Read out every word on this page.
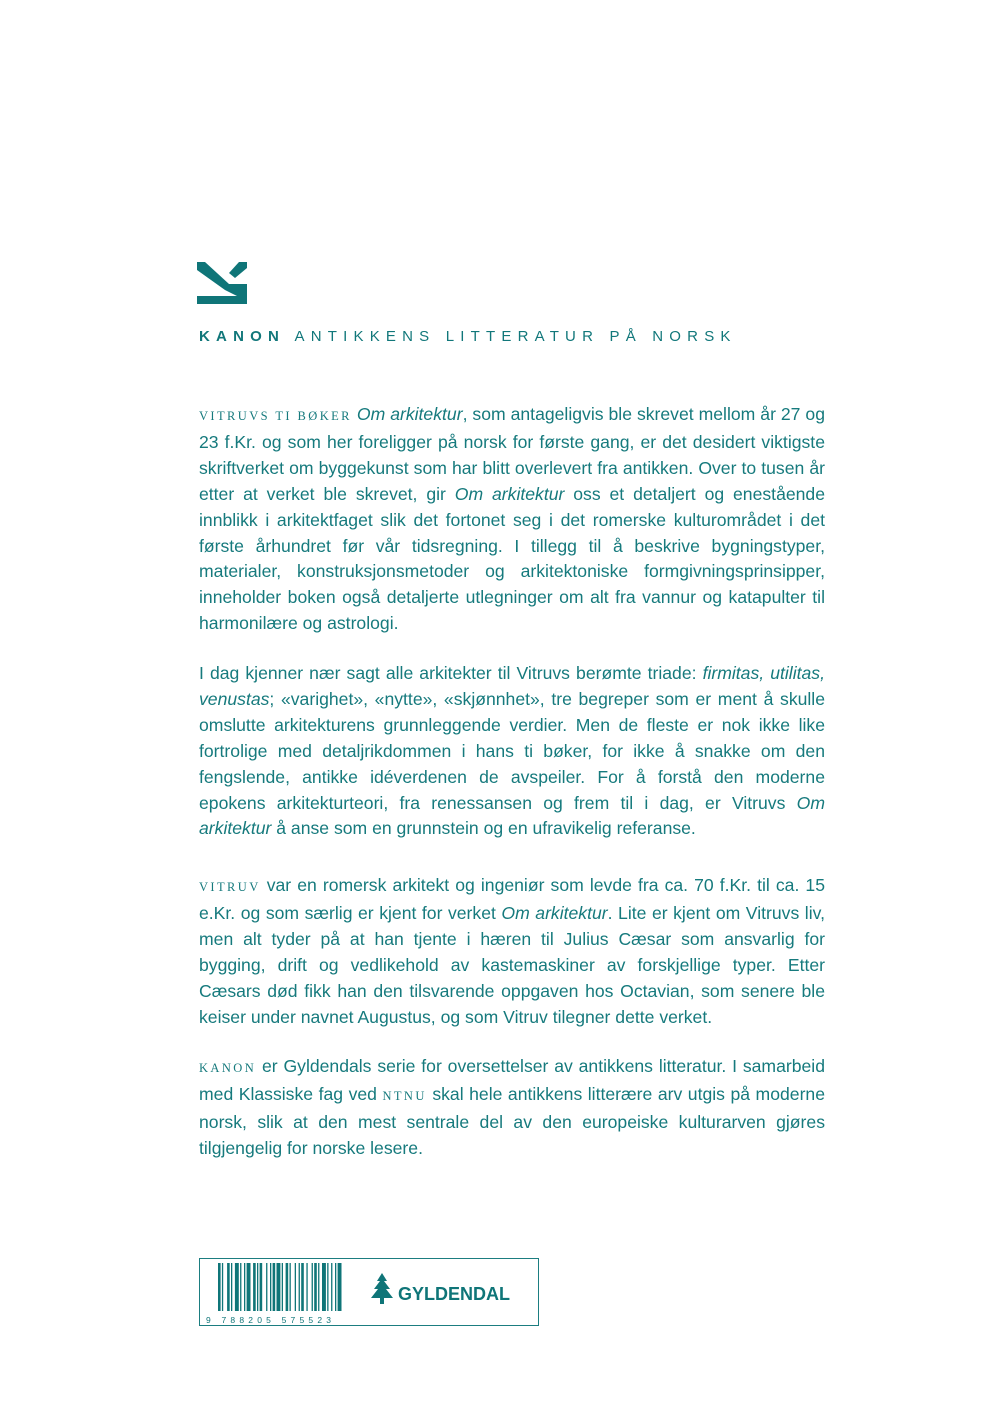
KANON ANTIKKENS LITTERATUR PÅ NORSK

VITRUVS TI BØKER Om arkitektur, som antageligvis ble skrevet mellom år 27 og 23 f.Kr. og som her foreligger på norsk for første gang, er det desidert viktigste skriftverket om byggekunst som har blitt overlevert fra antikken. Over to tusen år etter at verket ble skrevet, gir Om arkitektur oss et detaljert og enestående innblikk i arkitektfaget slik det fortonet seg i det romerske kulturområdet i det første århundret før vår tidsregning. I tillegg til å beskrive bygningstyper, materialer, konstruksjonsmetoder og arkitektoniske formgivningsprinsipper, inneholder boken også detaljerte utlegninger om alt fra vannur og katapulter til harmonilære og astrologi.

I dag kjenner nær sagt alle arkitekter til Vitruvs berømte triade: firmitas, utilitas, venustas; «varighet», «nytte», «skjønnhet», tre begreper som er ment å skulle omslutte arkitekturens grunnleggende verdier. Men de fleste er nok ikke like fortrolige med detaljrikdommen i hans ti bøker, for ikke å snakke om den fengslende, antikke idéverdenen de avspeiler. For å forstå den moderne epokens arkitekturteori, fra renessansen og frem til i dag, er Vitruvs Om arkitektur å anse som en grunnstein og en ufravikelig referanse.

VITRUV var en romersk arkitekt og ingeniør som levde fra ca. 70 f.Kr. til ca. 15 e.Kr. og som særlig er kjent for verket Om arkitektur. Lite er kjent om Vitruvs liv, men alt tyder på at han tjente i hæren til Julius Cæsar som ansvarlig for bygging, drift og vedlikehold av kastemaskiner av forskjellige typer. Etter Cæsars død fikk han den tilsvarende oppgaven hos Octavian, som senere ble keiser under navnet Augustus, og som Vitruv tilegner dette verket.

KANON er Gyldendals serie for oversettelser av antikkens litteratur. I samarbeid med Klassiske fag ved NTNU skal hele antikkens litterære arv utgis på moderne norsk, slik at den mest sentrale del av den europeiske kulturarven gjøres tilgjengelig for norske lesere.

9 788205 575523
GYLDENDAL
